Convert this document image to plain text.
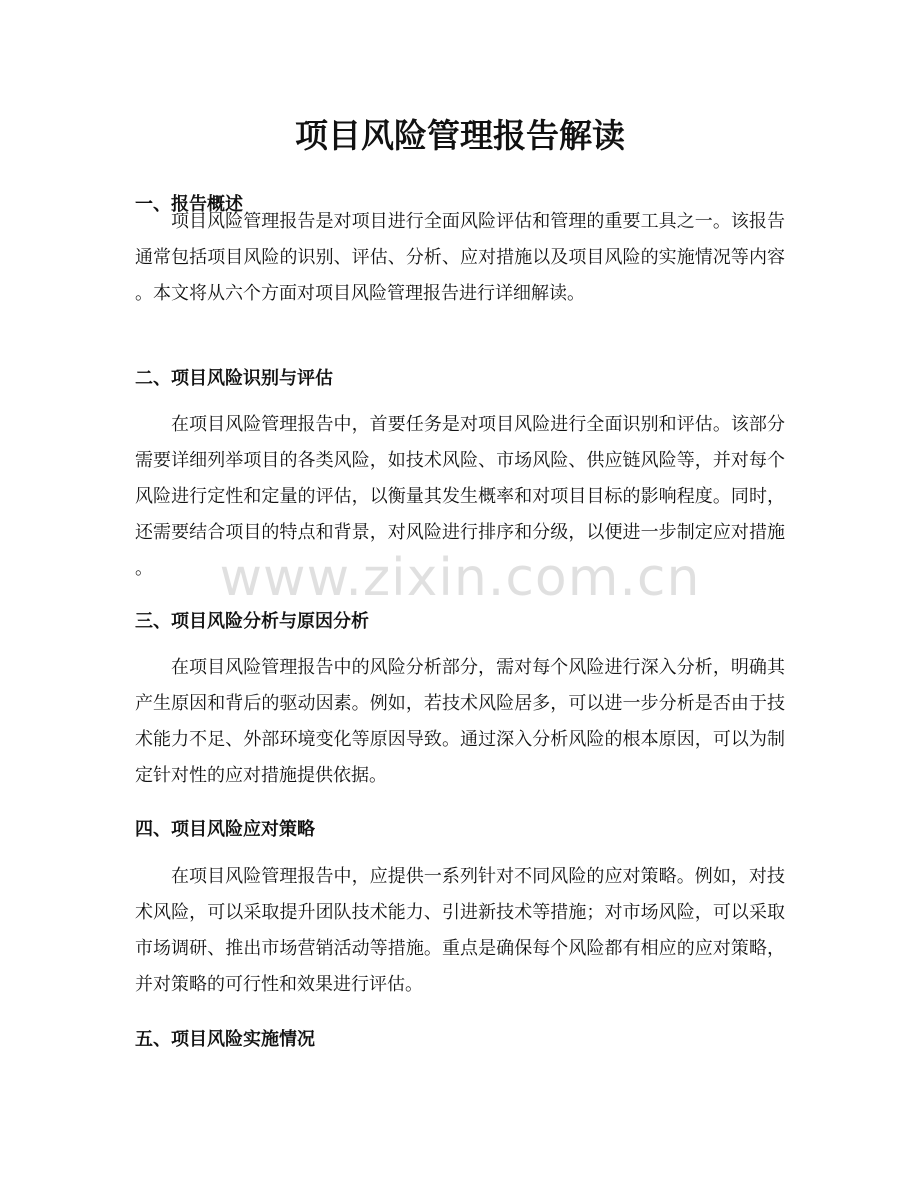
项目风险管理报告解读
www.zixin.com.cn
一、报告概述
项目风险管理报告是对项目进行全面风险评估和管理的重要工具之一。该报告
通常包括项目风险的识别、评估、分析、应对措施以及项目风险的实施情况等内容
。本文将从六个方面对项目风险管理报告进行详细解读。
二、项目风险识别与评估
在项目风险管理报告中，首要任务是对项目风险进行全面识别和评估。该部分
需要详细列举项目的各类风险，如技术风险、市场风险、供应链风险等，并对每个
风险进行定性和定量的评估，以衡量其发生概率和对项目目标的影响程度。同时，
还需要结合项目的特点和背景，对风险进行排序和分级，以便进一步制定应对措施
。
三、项目风险分析与原因分析
在项目风险管理报告中的风险分析部分，需对每个风险进行深入分析，明确其
产生原因和背后的驱动因素。例如，若技术风险居多，可以进一步分析是否由于技
术能力不足、外部环境变化等原因导致。通过深入分析风险的根本原因，可以为制
定针对性的应对措施提供依据。
四、项目风险应对策略
在项目风险管理报告中，应提供一系列针对不同风险的应对策略。例如，对技
术风险，可以采取提升团队技术能力、引进新技术等措施；对市场风险，可以采取
市场调研、推出市场营销活动等措施。重点是确保每个风险都有相应的应对策略，
并对策略的可行性和效果进行评估。
五、项目风险实施情况
